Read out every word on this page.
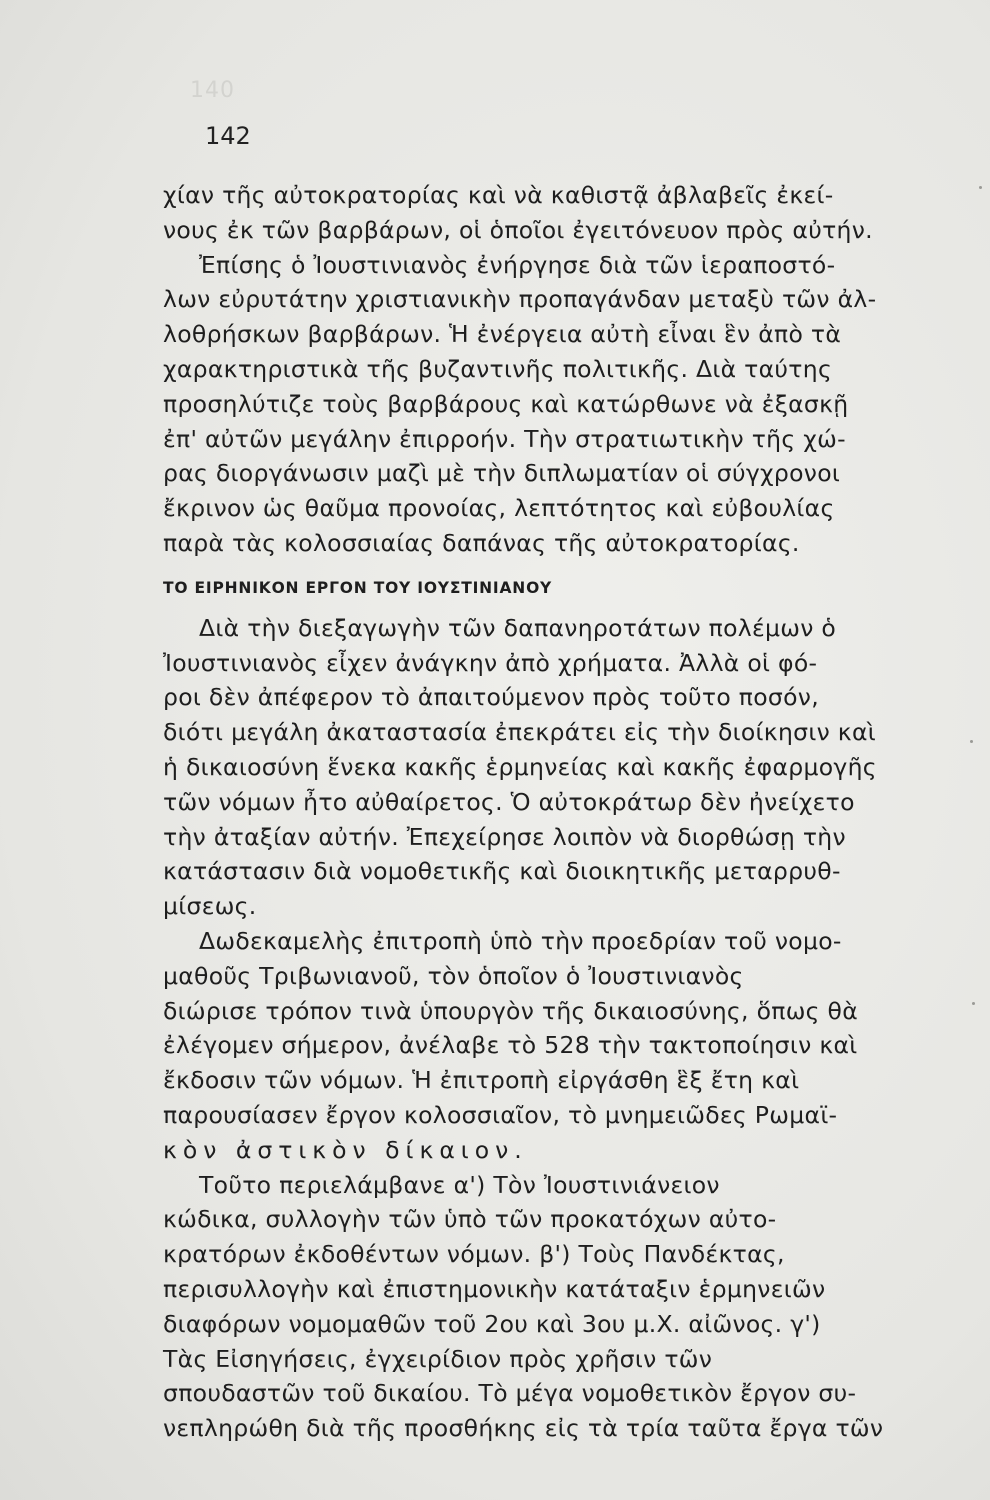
140
142
χίαν τῆς αὐτοκρατορίας καὶ νὰ καθιστᾷ ἀβλαβεῖς ἐκεί-
νους ἐκ τῶν βαρβάρων, οἱ ὁποῖοι ἐγειτόνευον πρὸς αὐτήν.
Ἐπίσης ὁ Ἰουστινιανὸς ἐνήργησε διὰ τῶν ἱεραποστό-
λων εὐρυτάτην χριστιανικὴν προπαγάνδαν μεταξὺ τῶν ἀλ-
λοθρήσκων βαρβάρων. Ἡ ἐνέργεια αὐτὴ εἶναι ἓν ἀπὸ τὰ
χαρακτηριστικὰ τῆς βυζαντινῆς πολιτικῆς. Διὰ ταύτης
προσηλύτιζε τοὺς βαρβάρους καὶ κατώρθωνε νὰ ἐξασκῇ
ἐπ' αὐτῶν μεγάλην ἐπιρροήν. Τὴν στρατιωτικὴν τῆς χώ-
ρας διοργάνωσιν μαζὶ μὲ τὴν διπλωματίαν οἱ σύγχρονοι
ἔκρινον ὡς θαῦμα προνοίας, λεπτότητος καὶ εὐβουλίας
παρὰ τὰς κολοσσιαίας δαπάνας τῆς αὐτοκρατορίας.
ΤΟ ΕΙΡΗΝΙΚΟΝ ΕΡΓΟΝ ΤΟΥ ΙΟΥΣΤΙΝΙΑΝΟΥ
Διὰ τὴν διεξαγωγὴν τῶν δαπανηροτάτων πολέμων ὁ
Ἰουστινιανὸς εἶχεν ἀνάγκην ἀπὸ χρήματα. Ἀλλὰ οἱ φό-
ροι δὲν ἀπέφερον τὸ ἀπαιτούμενον πρὸς τοῦτο ποσόν,
διότι μεγάλη ἀκαταστασία ἐπεκράτει εἰς τὴν διοίκησιν καὶ
ἡ δικαιοσύνη ἕνεκα κακῆς ἑρμηνείας καὶ κακῆς ἐφαρμογῆς
τῶν νόμων ἦτο αὐθαίρετος. Ὁ αὐτοκράτωρ δὲν ἠνείχετο
τὴν ἀταξίαν αὐτήν. Ἐπεχείρησε λοιπὸν νὰ διορθώσῃ τὴν
κατάστασιν διὰ νομοθετικῆς καὶ διοικητικῆς μεταρρυθ-
μίσεως.
Δωδεκαμελὴς ἐπιτροπὴ ὑπὸ τὴν προεδρίαν τοῦ νομο-
μαθοῦς Τριβωνιανοῦ, τὸν ὁποῖον ὁ Ἰουστινιανὸς
διώρισε τρόπον τινὰ ὑπουργὸν τῆς δικαιοσύνης, ὅπως θὰ
ἐλέγομεν σήμερον, ἀνέλαβε τὸ 528 τὴν τακτοποίησιν καὶ
ἔκδοσιν τῶν νόμων. Ἡ ἐπιτροπὴ εἰργάσθη ἓξ ἔτη καὶ
παρουσίασεν ἔργον κολοσσιαῖον, τὸ μνημειῶδες Ρωμαϊ-
κὸν ἀστικὸν δίκαιον.
Τοῦτο περιελάμβανε α') Τὸν Ἰουστινιάνειον
κώδικα, συλλογὴν τῶν ὑπὸ τῶν προκατόχων αὐτο-
κρατόρων ἐκδοθέντων νόμων. β') Τοὺς Πανδέκτας,
περισυλλογὴν καὶ ἐπιστημονικὴν κατάταξιν ἑρμηνειῶν
διαφόρων νομομαθῶν τοῦ 2ου καὶ 3ου μ.Χ. αἰῶνος. γ')
Τὰς Εἰσηγήσεις, ἐγχειρίδιον πρὸς χρῆσιν τῶν
σπουδαστῶν τοῦ δικαίου. Τὸ μέγα νομοθετικὸν ἔργον συ-
νεπληρώθη διὰ τῆς προσθήκης εἰς τὰ τρία ταῦτα ἔργα τῶν
